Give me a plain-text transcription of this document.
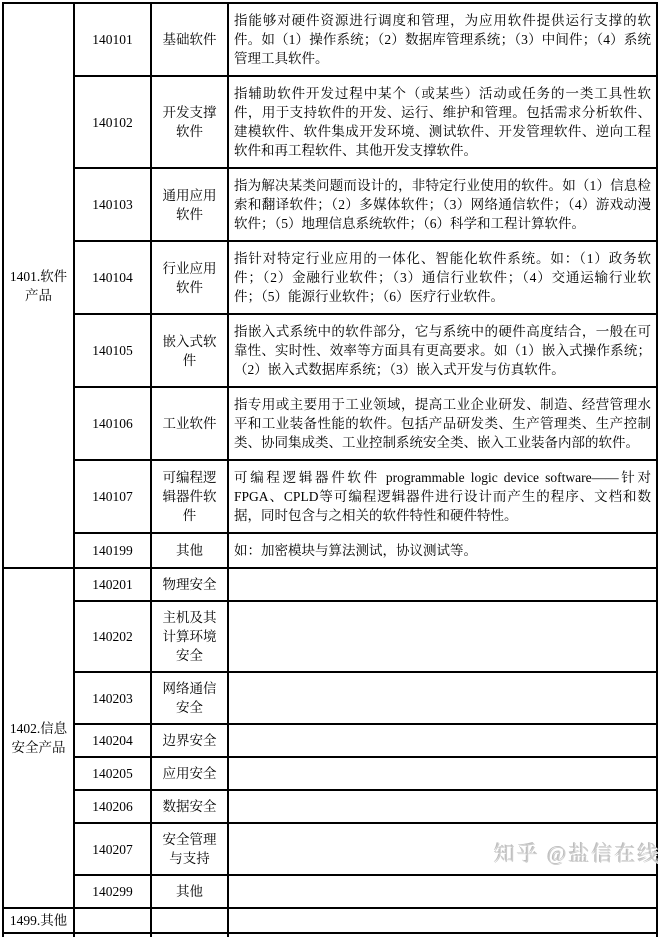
1401.软件产品	140101	基础软件	指能够对硬件资源进行调度和管理，为应用软件提供运行支撑的软件。如（1）操作系统；（2）数据库管理系统；（3）中间件；（4）系统管理工具软件。
	140102	开发支撑软件	指辅助软件开发过程中某个（或某些）活动或任务的一类工具性软件，用于支持软件的开发、运行、维护和管理。包括需求分析软件、建模软件、软件集成开发环境、测试软件、开发管理软件、逆向工程软件和再工程软件、其他开发支撑软件。
	140103	通用应用软件	指为解决某类问题而设计的，非特定行业使用的软件。如（1）信息检索和翻译软件；（2）多媒体软件；（3）网络通信软件；（4）游戏动漫软件；（5）地理信息系统软件；（6）科学和工程计算软件。
	140104	行业应用软件	指针对特定行业应用的一体化、智能化软件系统。如：（1）政务软件；（2）金融行业软件；（3）通信行业软件；（4）交通运输行业软件；（5）能源行业软件；（6）医疗行业软件。
	140105	嵌入式软件	指嵌入式系统中的软件部分，它与系统中的硬件高度结合，一般在可靠性、实时性、效率等方面具有更高要求。如（1）嵌入式操作系统；（2）嵌入式数据库系统；（3）嵌入式开发与仿真软件。
	140106	工业软件	指专用或主要用于工业领域，提高工业企业研发、制造、经营管理水平和工业装备性能的软件。包括产品研发类、生产管理类、生产控制类、协同集成类、工业控制系统安全类、嵌入工业装备内部的软件。
	140107	可编程逻辑器件软件	可编程逻辑器件软件 programmable logic device software——针对FPGA、CPLD等可编程逻辑器件进行设计而产生的程序、文档和数据，同时包含与之相关的软件特性和硬件特性。
	140199	其他	如：加密模块与算法测试，协议测试等。
1402.信息安全产品	140201	物理安全	
	140202	主机及其计算环境安全	
	140203	网络通信安全	
	140204	边界安全	
	140205	应用安全	
	140206	数据安全	
	140207	安全管理与支持	
	140299	其他	
1499.其他			

知乎 @盐信在线
